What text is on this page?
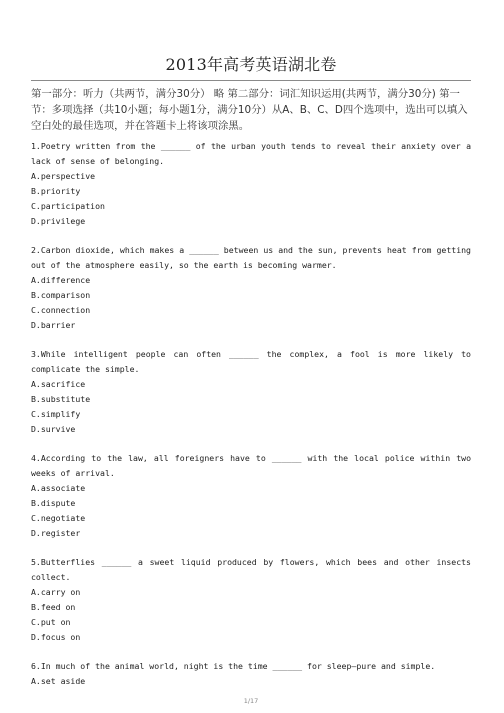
2013年高考英语湖北卷

第一部分：听力（共两节，满分30分） 略 第二部分：词汇知识运用(共两节，满分30分) 第一节：多项选择（共10小题；每小题1分，满分10分）从A、B、C、D四个选项中，选出可以填入空白处的最佳选项，并在答题卡上将该项涂黑。

1.Poetry written from the ______ of the urban youth tends to reveal their anxiety over a lack of sense of belonging.

A.perspective
B.priority
C.participation
D.privilege

2.Carbon dioxide, which makes a ______ between us and the sun, prevents heat from getting out of the atmosphere easily, so the earth is becoming warmer.

A.difference
B.comparison
C.connection
D.barrier

3.While intelligent people can often ______ the complex, a fool is more likely to complicate the simple.

A.sacrifice
B.substitute
C.simplify
D.survive

4.According to the law, all foreigners have to ______ with the local police within two weeks of arrival.

A.associate
B.dispute
C.negotiate
D.register

5.Butterflies ______ a sweet liquid produced by flowers, which bees and other insects collect.

A.carry on
B.feed on
C.put on
D.focus on

6.In much of the animal world, night is the time ______ for sleep—pure and simple.

A.set aside
1/17
